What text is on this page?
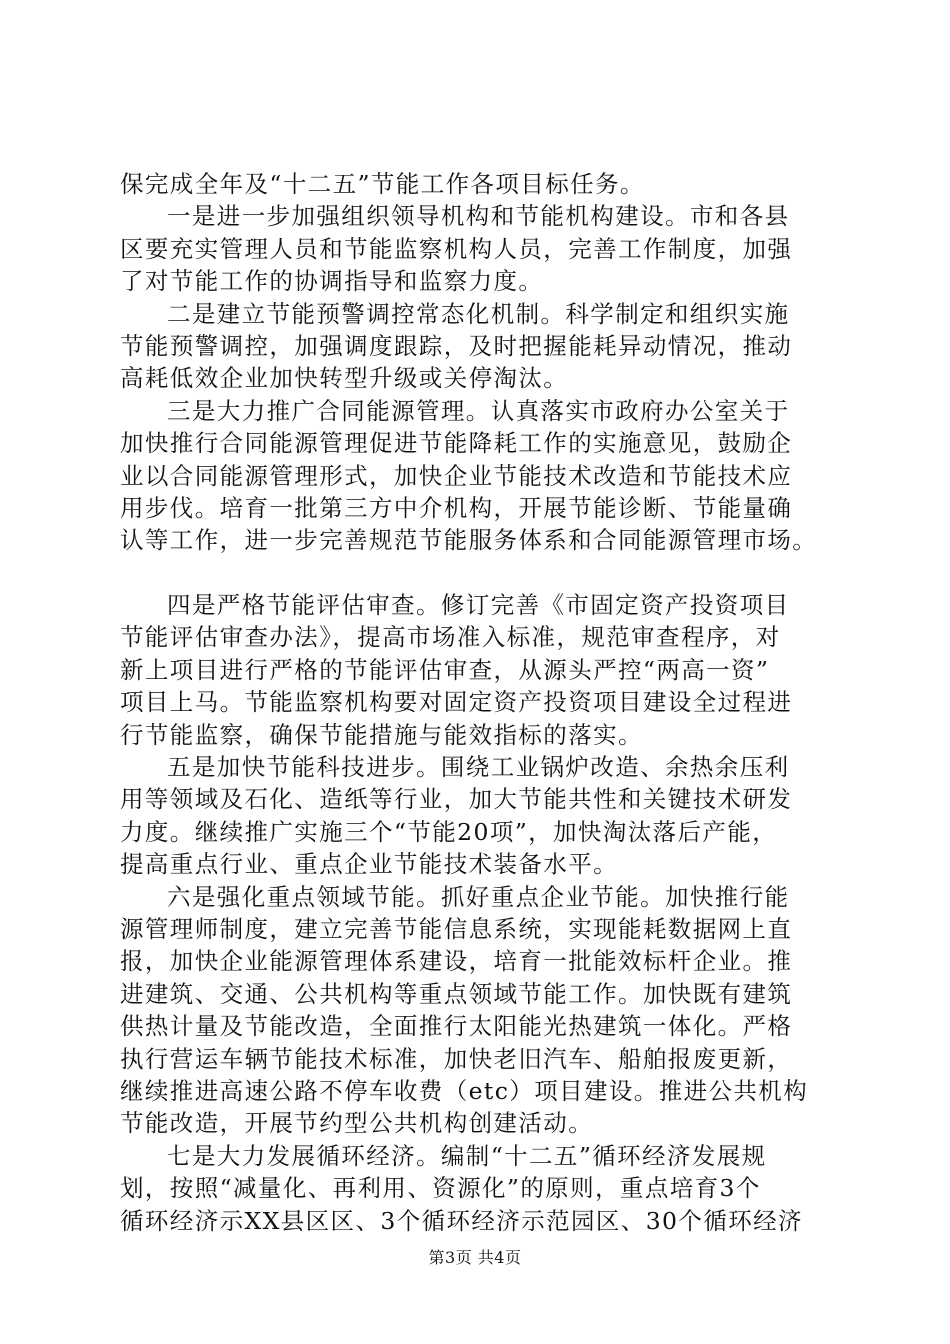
保完成全年及“十二五”节能工作各项目标任务。
一是进一步加强组织领导机构和节能机构建设。市和各县
区要充实管理人员和节能监察机构人员，完善工作制度，加强
了对节能工作的协调指导和监察力度。
二是建立节能预警调控常态化机制。科学制定和组织实施
节能预警调控，加强调度跟踪，及时把握能耗异动情况，推动
高耗低效企业加快转型升级或关停淘汰。
三是大力推广合同能源管理。认真落实市政府办公室关于
加快推行合同能源管理促进节能降耗工作的实施意见，鼓励企
业以合同能源管理形式，加快企业节能技术改造和节能技术应
用步伐。培育一批第三方中介机构，开展节能诊断、节能量确
认等工作，进一步完善规范节能服务体系和合同能源管理市场。
四是严格节能评估审查。修订完善《市固定资产投资项目
节能评估审查办法》，提高市场准入标准，规范审查程序，对
新上项目进行严格的节能评估审查，从源头严控“两高一资”
项目上马。节能监察机构要对固定资产投资项目建设全过程进
行节能监察，确保节能措施与能效指标的落实。
五是加快节能科技进步。围绕工业锅炉改造、余热余压利
用等领域及石化、造纸等行业，加大节能共性和关键技术研发
力度。继续推广实施三个“节能20项”，加快淘汰落后产能，
提高重点行业、重点企业节能技术装备水平。
六是强化重点领域节能。抓好重点企业节能。加快推行能
源管理师制度，建立完善节能信息系统，实现能耗数据网上直
报，加快企业能源管理体系建设，培育一批能效标杆企业。推
进建筑、交通、公共机构等重点领域节能工作。加快既有建筑
供热计量及节能改造，全面推行太阳能光热建筑一体化。严格
执行营运车辆节能技术标准，加快老旧汽车、船舶报废更新，
继续推进高速公路不停车收费（etc）项目建设。推进公共机构
节能改造，开展节约型公共机构创建活动。
七是大力发展循环经济。编制“十二五”循环经济发展规
划，按照“减量化、再利用、资源化”的原则，重点培育3个
循环经济示XX县区区、3个循环经济示范园区、30个循环经济
第3页 共4页
